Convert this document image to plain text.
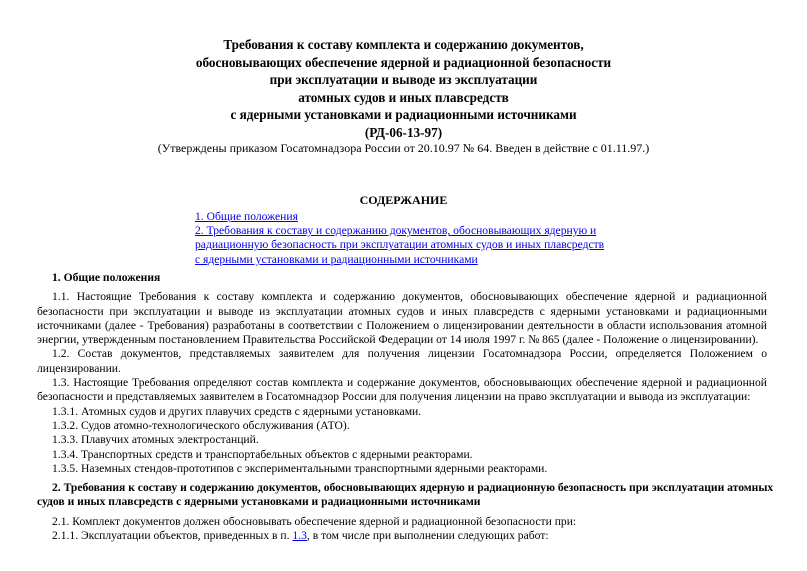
Требования к составу комплекта и содержанию документов,
обосновывающих обеспечение ядерной и радиационной безопасности
при эксплуатации и выводе из эксплуатации
атомных судов и иных плавсредств
с ядерными установками и радиационными источниками
(РД-06-13-97)
(Утверждены приказом Госатомнадзора России от 20.10.97 № 64. Введен в действие с 01.11.97.)
СОДЕРЖАНИЕ
1. Общие положения
2. Требования к составу и содержанию документов, обосновывающих ядерную и
радиационную безопасность при эксплуатации атомных судов и иных плавсредств
с ядерными установками и радиационными источниками
1. Общие положения

1.1. Настоящие Требования к составу комплекта и содержанию документов, обосновывающих обеспечение ядерной и радиационной безопасности при эксплуатации и выводе из эксплуатации атомных судов и иных плавсредств с ядерными установками и радиационными источниками (далее - Требования) разработаны в соответствии с Положением о лицензировании деятельности в области использования атомной энергии, утвержденным постановлением Правительства Российской Федерации от 14 июля 1997 г. № 865 (далее - Положение о лицензировании).

1.2. Состав документов, представляемых заявителем для получения лицензии Госатомнадзора России, определяется Положением о лицензировании.

1.3. Настоящие Требования определяют состав комплекта и содержание документов, обосновывающих обеспечение ядерной и радиационной безопасности и представляемых заявителем в Госатомнадзор России для получения лицензии на право эксплуатации и вывода из эксплуатации:

1.3.1. Атомных судов и других плавучих средств с ядерными установками.

1.3.2. Судов атомно-технологического обслуживания (АТО).

1.3.3. Плавучих атомных электростанций.

1.3.4. Транспортных средств и транспортабельных объектов с ядерными реакторами.

1.3.5. Наземных стендов-прототипов с экспериментальными транспортными ядерными реакторами.

2. Требования к составу и содержанию документов, обосновывающих ядерную и радиационную безопасность при эксплуатации атомных
судов и иных плавсредств с ядерными установками и радиационными источниками

2.1. Комплект документов должен обосновывать обеспечение ядерной и радиационной безопасности при:

2.1.1. Эксплуатации объектов, приведенных в п. 1.3, в том числе при выполнении следующих работ:
